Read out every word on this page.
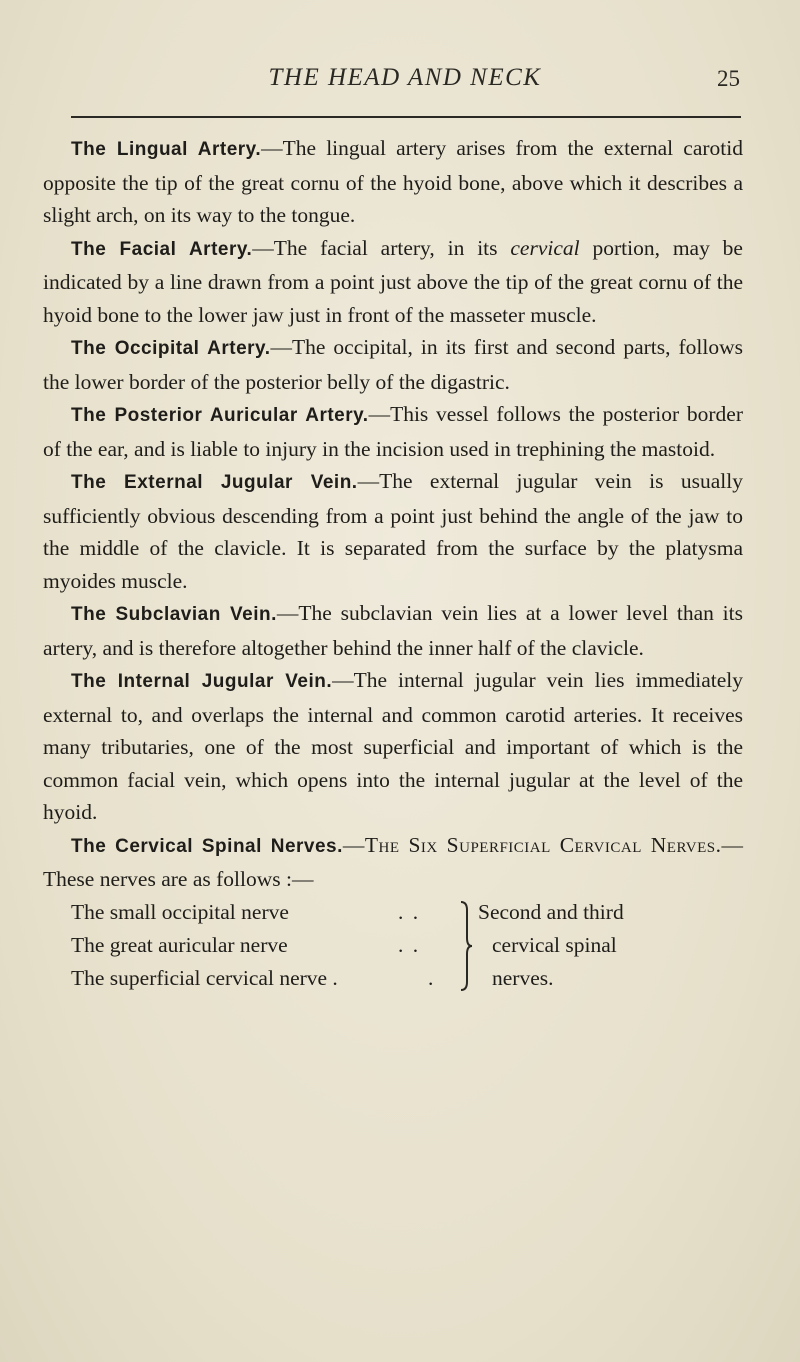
THE HEAD AND NECK	25

The Lingual Artery.—The lingual artery arises from the external carotid opposite the tip of the great cornu of the hyoid bone, above which it describes a slight arch, on its way to the tongue.

The Facial Artery.—The facial artery, in its cervical portion, may be indicated by a line drawn from a point just above the tip of the great cornu of the hyoid bone to the lower jaw just in front of the masseter muscle.

The Occipital Artery.—The occipital, in its first and second parts, follows the lower border of the posterior belly of the digastric.

The Posterior Auricular Artery.—This vessel follows the posterior border of the ear, and is liable to injury in the incision used in trephining the mastoid.

The External Jugular Vein.—The external jugular vein is usually sufficiently obvious descending from a point just behind the angle of the jaw to the middle of the clavicle. It is separated from the surface by the platysma myoides muscle.

The Subclavian Vein.—The subclavian vein lies at a lower level than its artery, and is therefore altogether behind the inner half of the clavicle.

The Internal Jugular Vein.—The internal jugular vein lies immediately external to, and overlaps the internal and common carotid arteries. It receives many tributaries, one of the most superficial and important of which is the common facial vein, which opens into the internal jugular at the level of the hyoid.

The Cervical Spinal Nerves.—The Six Superficial Cervical Nerves.—These nerves are as follows :—

The small occipital nerve	. .
The great auricular nerve	. .
The superficial cervical nerve .	.
Second and third
cervical spinal
nerves.
